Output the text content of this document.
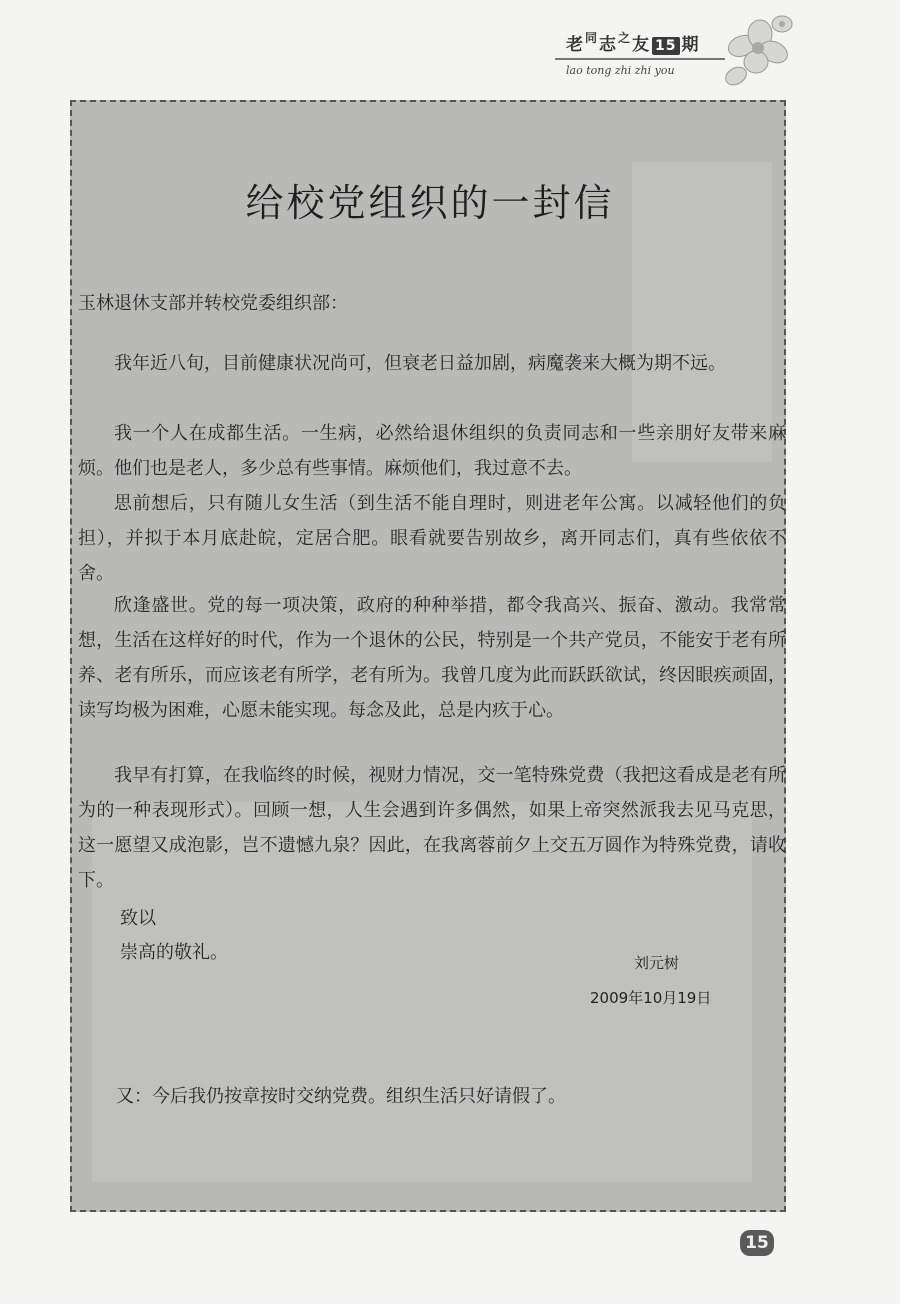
老$^同$志$^之$友 15 期
lao tong zhi zhi you
给校党组织的一封信

玉林退休支部并转校党委组织部：

我年近八旬，目前健康状况尚可，但衰老日益加剧，病魔袭来大概为期不远。

我一个人在成都生活。一生病，必然给退休组织的负责同志和一些亲朋好友带来麻烦。他们也是老人，多少总有些事情。麻烦他们，我过意不去。

思前想后，只有随儿女生活（到生活不能自理时，则进老年公寓。以减轻他们的负担），并拟于本月底赴皖，定居合肥。眼看就要告别故乡，离开同志们，真有些依依不舍。

欣逢盛世。党的每一项决策，政府的种种举措，都令我高兴、振奋、激动。我常常想，生活在这样好的时代，作为一个退休的公民，特别是一个共产党员，不能安于老有所养、老有所乐，而应该老有所学，老有所为。我曾几度为此而跃跃欲试，终因眼疾顽固，读写均极为困难，心愿未能实现。每念及此，总是内疚于心。

我早有打算，在我临终的时候，视财力情况，交一笔特殊党费（我把这看成是老有所为的一种表现形式）。回顾一想，人生会遇到许多偶然，如果上帝突然派我去见马克思，这一愿望又成泡影，岂不遗憾九泉？因此，在我离蓉前夕上交五万圆作为特殊党费，请收下。

致以
崇高的敬礼。	刘元树
2009年10月19日
又：今后我仍按章按时交纳党费。组织生活只好请假了。
15
